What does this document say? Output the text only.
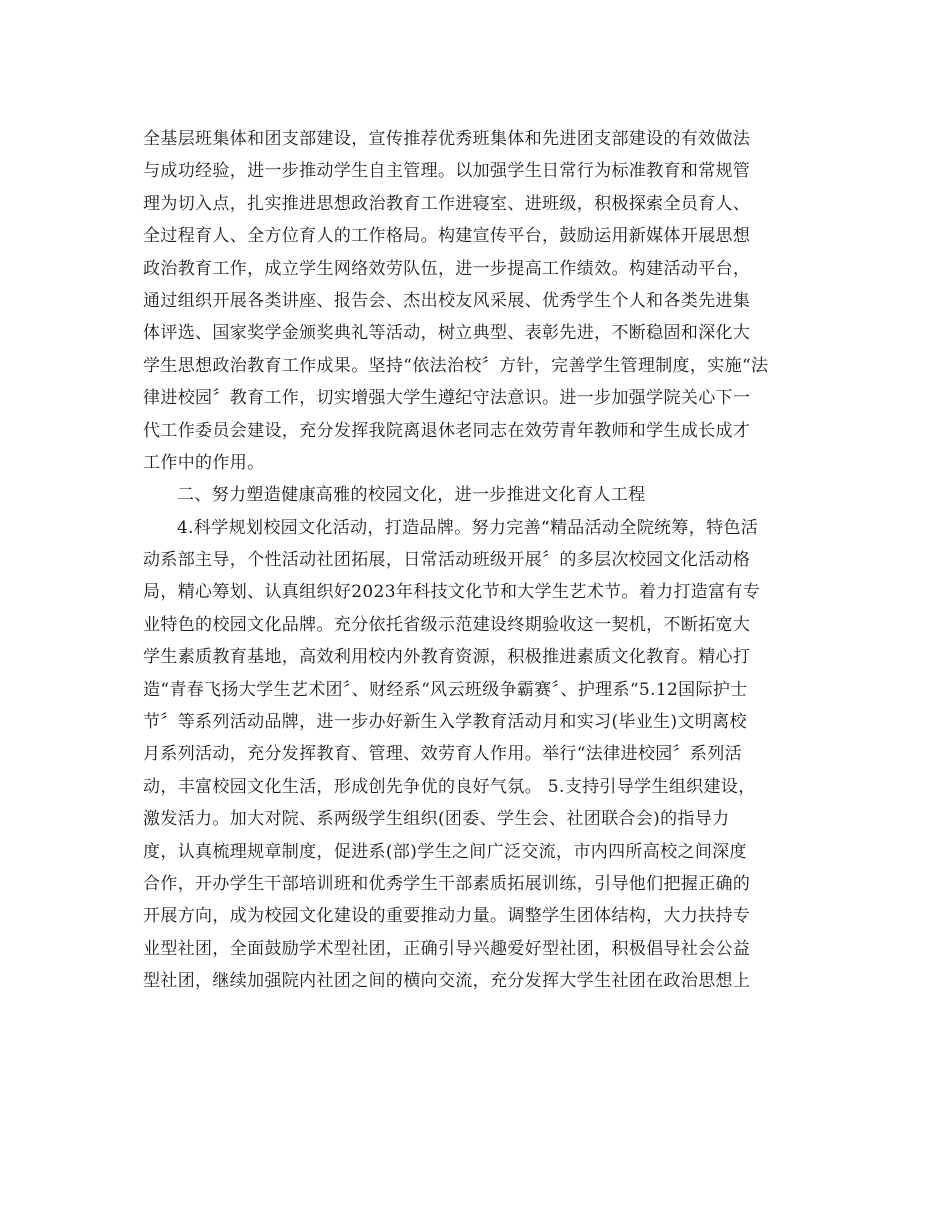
全基层班集体和团支部建设，宣传推荐优秀班集体和先进团支部建设的有效做法
与成功经验，进一步推动学生自主管理。以加强学生日常行为标准教育和常规管
理为切入点，扎实推进思想政治教育工作进寝室、进班级，积极探索全员育人、
全过程育人、全方位育人的工作格局。构建宣传平台，鼓励运用新媒体开展思想
政治教育工作，成立学生网络效劳队伍，进一步提高工作绩效。构建活动平台，
通过组织开展各类讲座、报告会、杰出校友风采展、优秀学生个人和各类先进集
体评选、国家奖学金颁奖典礼等活动，树立典型、表彰先进，不断稳固和深化大
学生思想政治教育工作成果。坚持“依法治校〞方针，完善学生管理制度，实施“法
律进校园〞教育工作，切实增强大学生遵纪守法意识。进一步加强学院关心下一
代工作委员会建设，充分发挥我院离退休老同志在效劳青年教师和学生成长成才
工作中的作用。
二、努力塑造健康高雅的校园文化，进一步推进文化育人工程
4.科学规划校园文化活动，打造品牌。努力完善“精品活动全院统筹，特色活
动系部主导，个性活动社团拓展，日常活动班级开展〞的多层次校园文化活动格
局，精心筹划、认真组织好2023年科技文化节和大学生艺术节。着力打造富有专
业特色的校园文化品牌。充分依托省级示范建设终期验收这一契机，不断拓宽大
学生素质教育基地，高效利用校内外教育资源，积极推进素质文化教育。精心打
造“青春飞扬大学生艺术团〞、财经系“风云班级争霸赛〞、护理系“5.12国际护士
节〞等系列活动品牌，进一步办好新生入学教育活动月和实习(毕业生)文明离校
月系列活动，充分发挥教育、管理、效劳育人作用。举行“法律进校园〞系列活
动，丰富校园文化生活，形成创先争优的良好气氛。 5.支持引导学生组织建设，
激发活力。加大对院、系两级学生组织(团委、学生会、社团联合会)的指导力
度，认真梳理规章制度，促进系(部)学生之间广泛交流，市内四所高校之间深度
合作，开办学生干部培训班和优秀学生干部素质拓展训练，引导他们把握正确的
开展方向，成为校园文化建设的重要推动力量。调整学生团体结构，大力扶持专
业型社团，全面鼓励学术型社团，正确引导兴趣爱好型社团，积极倡导社会公益
型社团，继续加强院内社团之间的横向交流，充分发挥大学生社团在政治思想上
